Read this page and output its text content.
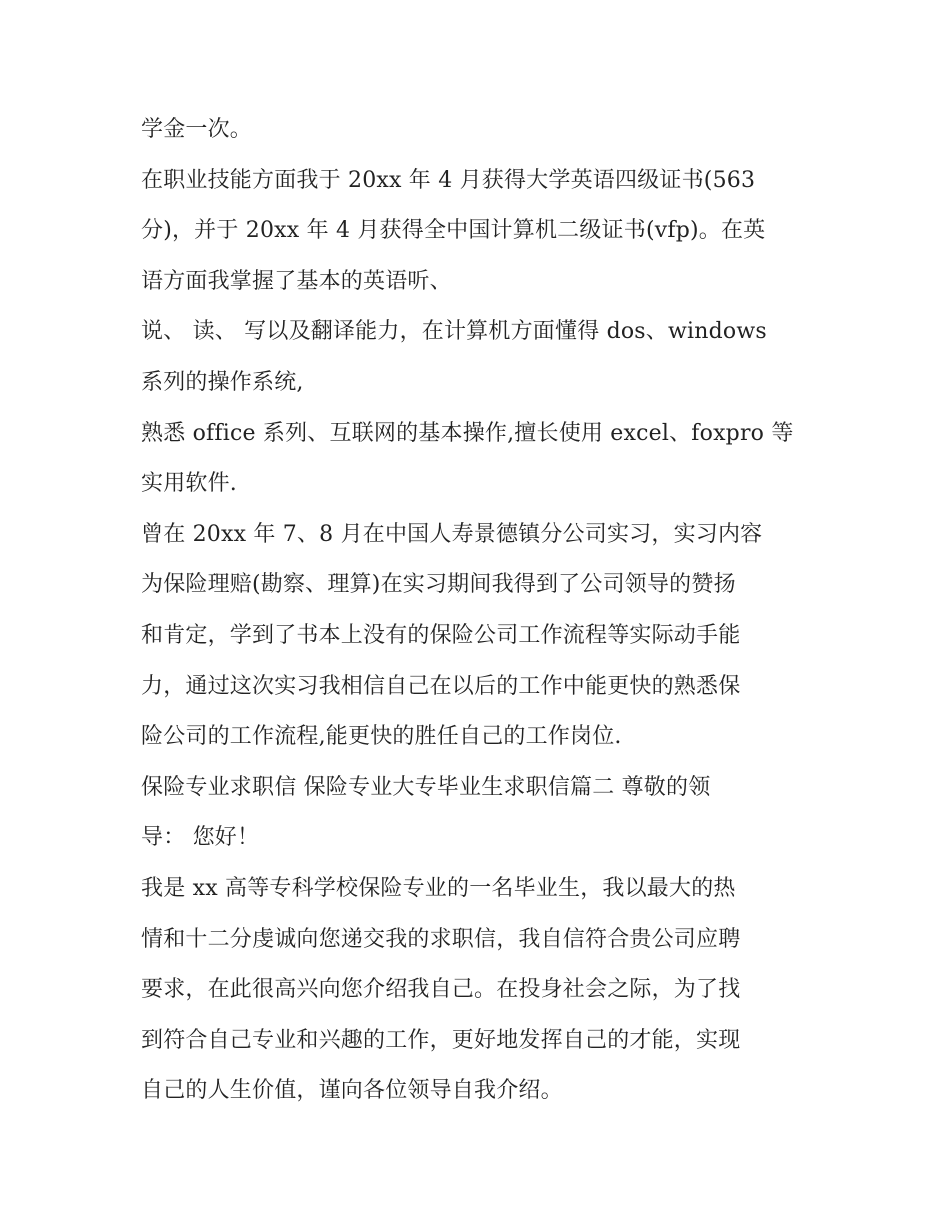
学金一次。
在职业技能方面我于 20xx 年 4 月获得大学英语四级证书(563
分)，并于 20xx 年 4 月获得全中国计算机二级证书(vfp)。在英
语方面我掌握了基本的英语听、
说、 读、 写以及翻译能力，在计算机方面懂得 dos、windows
系列的操作系统,
熟悉 office 系列、互联网的基本操作,擅长使用 excel、foxpro 等
实用软件.
曾在 20xx 年 7、8 月在中国人寿景德镇分公司实习，实习内容
为保险理赔(勘察、理算)在实习期间我得到了公司领导的赞扬
和肯定，学到了书本上没有的保险公司工作流程等实际动手能
力，通过这次实习我相信自己在以后的工作中能更快的熟悉保
险公司的工作流程,能更快的胜任自己的工作岗位.
保险专业求职信 保险专业大专毕业生求职信篇二 尊敬的领
导： 您好！
我是 xx 高等专科学校保险专业的一名毕业生，我以最大的热
情和十二分虔诚向您递交我的求职信，我自信符合贵公司应聘
要求，在此很高兴向您介绍我自己。在投身社会之际，为了找
到符合自己专业和兴趣的工作，更好地发挥自己的才能，实现
自己的人生价值，谨向各位领导自我介绍。
